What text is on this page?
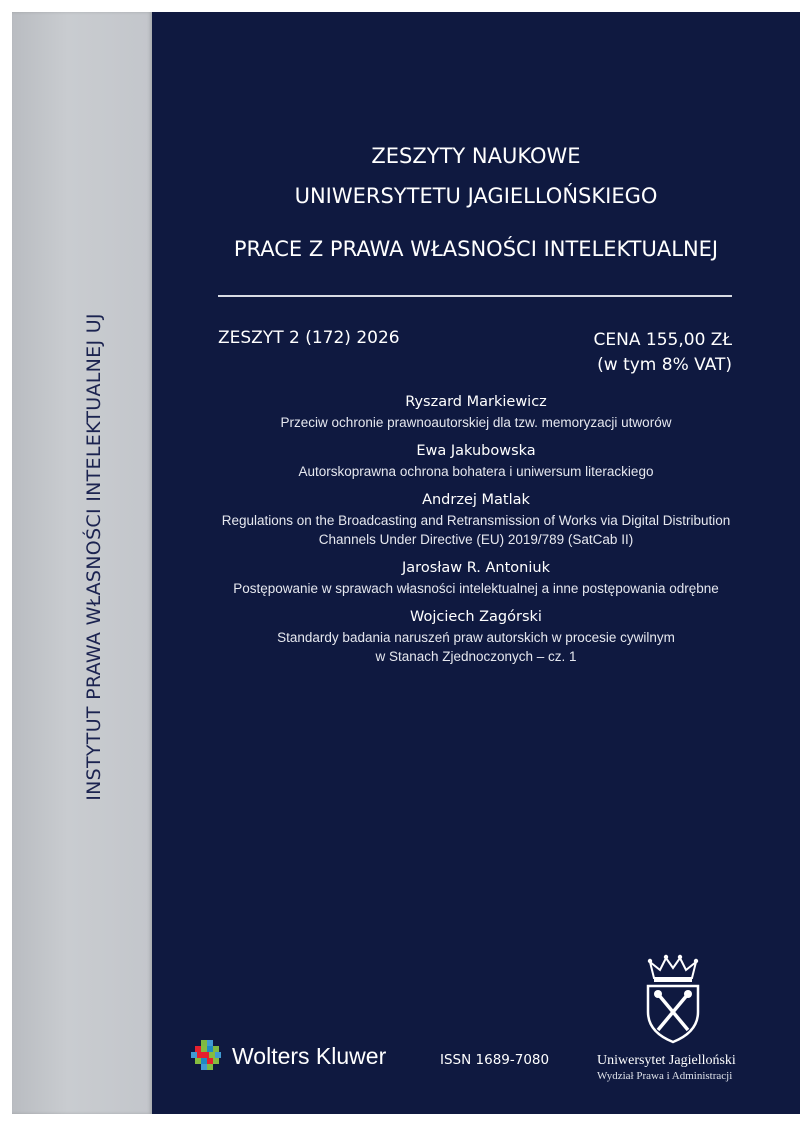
INSTYTUT PRAWA WŁASNOŚCI INTELEKTUALNEJ UJ
ZESZYTY NAUKOWE
UNIWERSYTETU JAGIELLOŃSKIEGO
PRACE Z PRAWA WŁASNOŚCI INTELEKTUALNEJ
ZESZYT 2 (172) 2026	CENA 155,00 ZŁ
(w tym 8% VAT)
Ryszard Markiewicz
Przeciw ochronie prawnoautorskiej dla tzw. memoryzacji utworów
Ewa Jakubowska
Autorskoprawna ochrona bohatera i uniwersum literackiego
Andrzej Matlak
Regulations on the Broadcasting and Retransmission of Works via Digital Distribution
Channels Under Directive (EU) 2019/789 (SatCab II)
Jarosław R. Antoniuk
Postępowanie w sprawach własności intelektualnej a inne postępowania odrębne
Wojciech Zagórski
Standardy badania naruszeń praw autorskich w procesie cywilnym
w Stanach Zjednoczonych – cz. 1
Wolters Kluwer	ISSN 1689-7080	Uniwersytet Jagielloński
Wydział Prawa i Administracji
